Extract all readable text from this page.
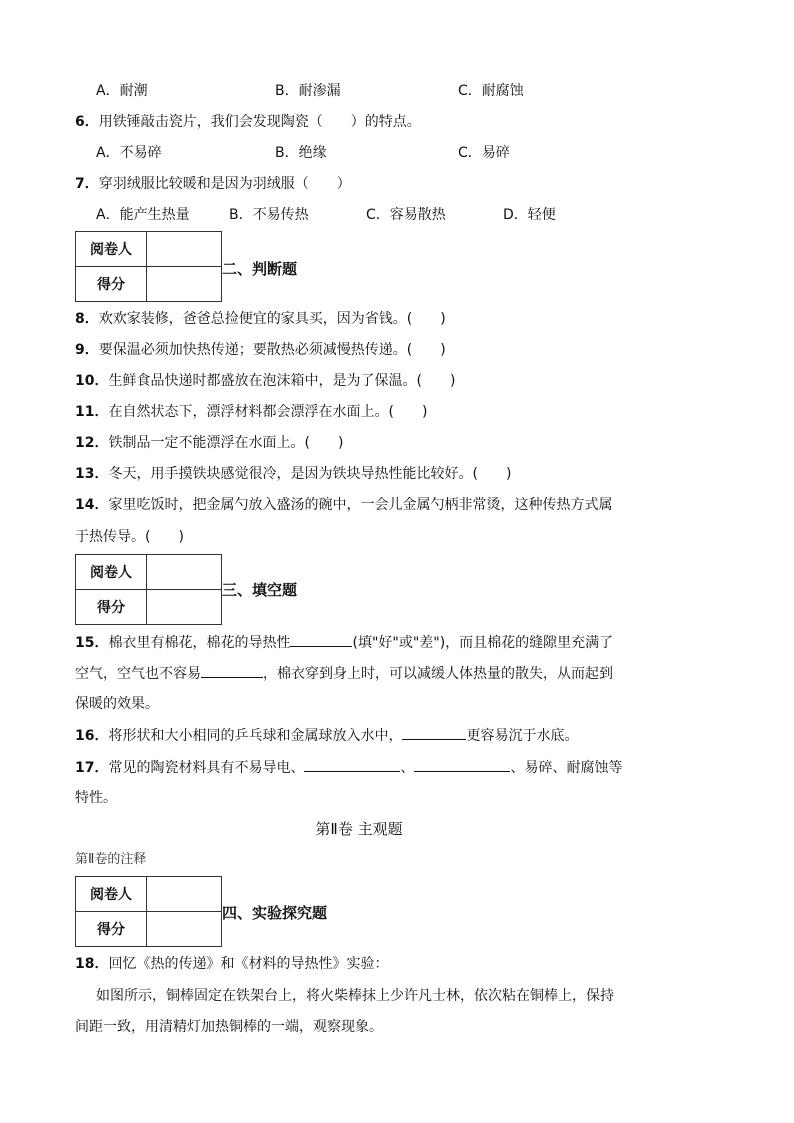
A．耐潮	B．耐渗漏	C．耐腐蚀
6．用铁锤敲击瓷片，我们会发现陶瓷（　　）的特点。
A．不易碎	B．绝缘	C．易碎
7．穿羽绒服比较暖和是因为羽绒服（　　）
A．能产生热量	B．不易传热	C．容易散热	D．轻便
阅卷人	
得分	
二、判断题
8．欢欢家装修，爸爸总捡便宜的家具买，因为省钱。(　　)
9．要保温必须加快热传递；要散热必须减慢热传递。(　　)
10．生鲜食品快递时都盛放在泡沫箱中，是为了保温。(　　)
11．在自然状态下，漂浮材料都会漂浮在水面上。(　　)
12．铁制品一定不能漂浮在水面上。(　　)
13．冬天，用手摸铁块感觉很冷，是因为铁块导热性能比较好。(　　)
14．家里吃饭时，把金属勺放入盛汤的碗中，一会儿金属勺柄非常烫，这种传热方式属
于热传导。(　　)
阅卷人	
得分	
三、填空题
15．棉衣里有棉花，棉花的导热性	(填"好"或"差")，而且棉花的缝隙里充满了
空气，空气也不容易	，棉衣穿到身上时，可以减缓人体热量的散失，从而起到
保暖的效果。
16．将形状和大小相同的乒乓球和金属球放入水中，	更容易沉于水底。
17．常见的陶瓷材料具有不易导电、	、	、易碎、耐腐蚀等
特性。
第Ⅱ卷 主观题
第Ⅱ卷的注释
阅卷人	
得分	
四、实验探究题
18．回忆《热的传递》和《材料的导热性》实验：
如图所示，铜棒固定在铁架台上，将火柴棒抹上少许凡士林，依次粘在铜棒上，保持
间距一致，用清精灯加热铜棒的一端，观察现象。
